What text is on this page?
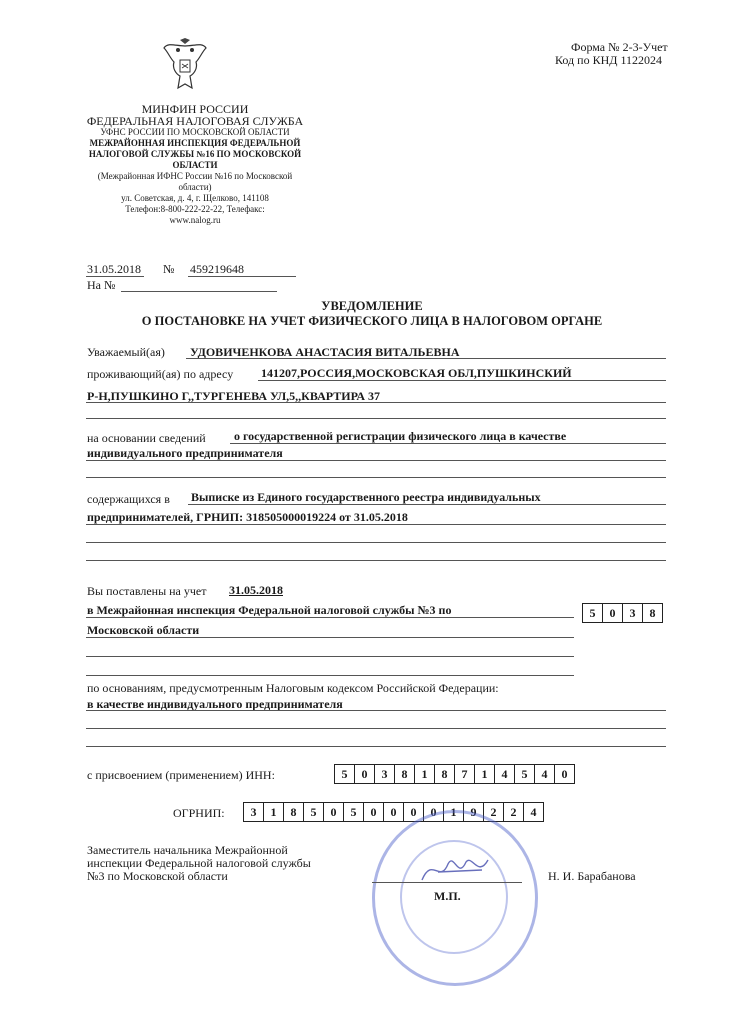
Форма № 2-3-Учет
Код по КНД 1122024
МИНФИН РОССИИ
ФЕДЕРАЛЬНАЯ НАЛОГОВАЯ СЛУЖБА
УФНС РОССИИ ПО МОСКОВСКОЙ ОБЛАСТИ
МЕЖРАЙОННАЯ ИНСПЕКЦИЯ ФЕДЕРАЛЬНОЙ
НАЛОГОВОЙ СЛУЖБЫ №16 ПО МОСКОВСКОЙ
ОБЛАСТИ
(Межрайонная ИФНС России №16 по Московской
области)
ул. Советская, д. 4, г. Щелково, 141108
Телефон:8-800-222-22-22, Телефакс:
www.nalog.ru
31.05.2018 № 459219648
На №
УВЕДОМЛЕНИЕ
О ПОСТАНОВКЕ НА УЧЕТ ФИЗИЧЕСКОГО ЛИЦА В НАЛОГОВОМ ОРГАНЕ
Уважаемый(ая) УДОВИЧЕНКОВА АНАСТАСИЯ ВИТАЛЬЕВНА
проживающий(ая) по адресу 141207,РОССИЯ,МОСКОВСКАЯ ОБЛ,ПУШКИНСКИЙ
Р-Н,ПУШКИНО Г,,ТУРГЕНЕВА УЛ,5,,КВАРТИРА 37
на основании сведений о государственной регистрации физического лица в качестве
индивидуального предпринимателя
содержащихся в Выписке из Единого государственного реестра индивидуальных
предпринимателей, ГРНИП: 318505000019224 от 31.05.2018
Вы поставлены на учет 31.05.2018
в Межрайонная инспекция Федеральной налоговой службы №3 по
Московской области
5	0	3	8
по основаниям, предусмотренным Налоговым кодексом Российской Федерации:
в качестве индивидуального предпринимателя
с присвоением (применением) ИНН:	5	0	3	8	1	8	7	1	4	5	4	0
ОГРНИП:	3	1	8	5	0	5	0	0	0	0	1	9	2	2	4
Заместитель начальника Межрайонной
инспекции Федеральной налоговой службы
№3 по Московской области
М.П.
Н. И. Барабанова
